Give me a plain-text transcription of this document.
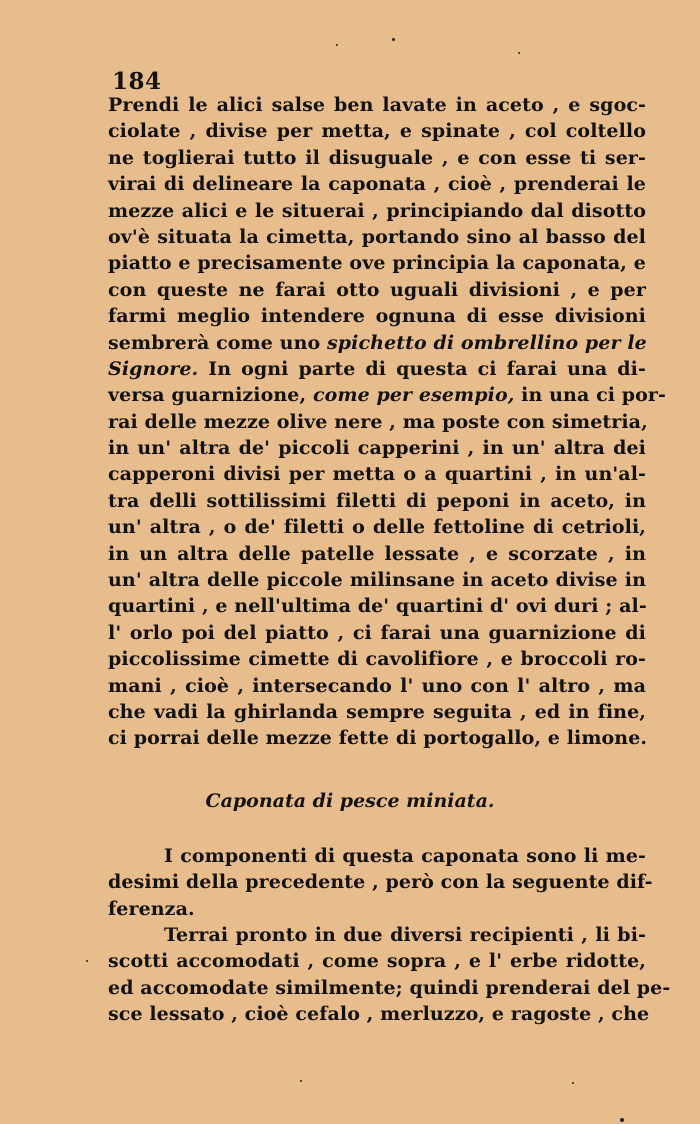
184
Prendi le alici salse ben lavate in aceto , e sgoc-
ciolate , divise per metta, e spinate , col coltello
ne toglierai tutto il disuguale , e con esse ti ser-
virai di delineare la caponata , cioè , prenderai le
mezze alici e le situerai , principiando dal disotto
ov'è situata la cimetta, portando sino al basso del
piatto e precisamente ove principia la caponata, e
con queste ne farai otto uguali divisioni , e per
farmi meglio intendere ognuna di esse divisioni
sembrerà come uno spichetto di ombrellino per le
Signore. In ogni parte di questa ci farai una di-
versa guarnizione, come per esempio, in una ci por-
rai delle mezze olive nere , ma poste con simetria,
in un' altra de' piccoli capperini , in un' altra dei
capperoni divisi per metta o a quartini , in un'al-
tra delli sottilissimi filetti di peponi in aceto, in
un' altra , o de' filetti o delle fettoline di cetrioli,
in un altra delle patelle lessate , e scorzate , in
un' altra delle piccole milinsane in aceto divise in
quartini , e nell'ultima de' quartini d' ovi duri ; al-
l' orlo poi del piatto , ci farai una guarnizione di
piccolissime cimette di cavolifiore , e broccoli ro-
mani , cioè , intersecando l' uno con l' altro , ma
che vadi la ghirlanda sempre seguita , ed in fine,
ci porrai delle mezze fette di portogallo, e limone.
Caponata di pesce miniata.
I componenti di questa caponata sono li me-
desimi della precedente , però con la seguente dif-
ferenza.
Terrai pronto in due diversi recipienti , li bi-
scotti accomodati , come sopra , e l' erbe ridotte,
ed accomodate similmente; quindi prenderai del pe-
sce lessato , cioè cefalo , merluzzo, e ragoste , che
